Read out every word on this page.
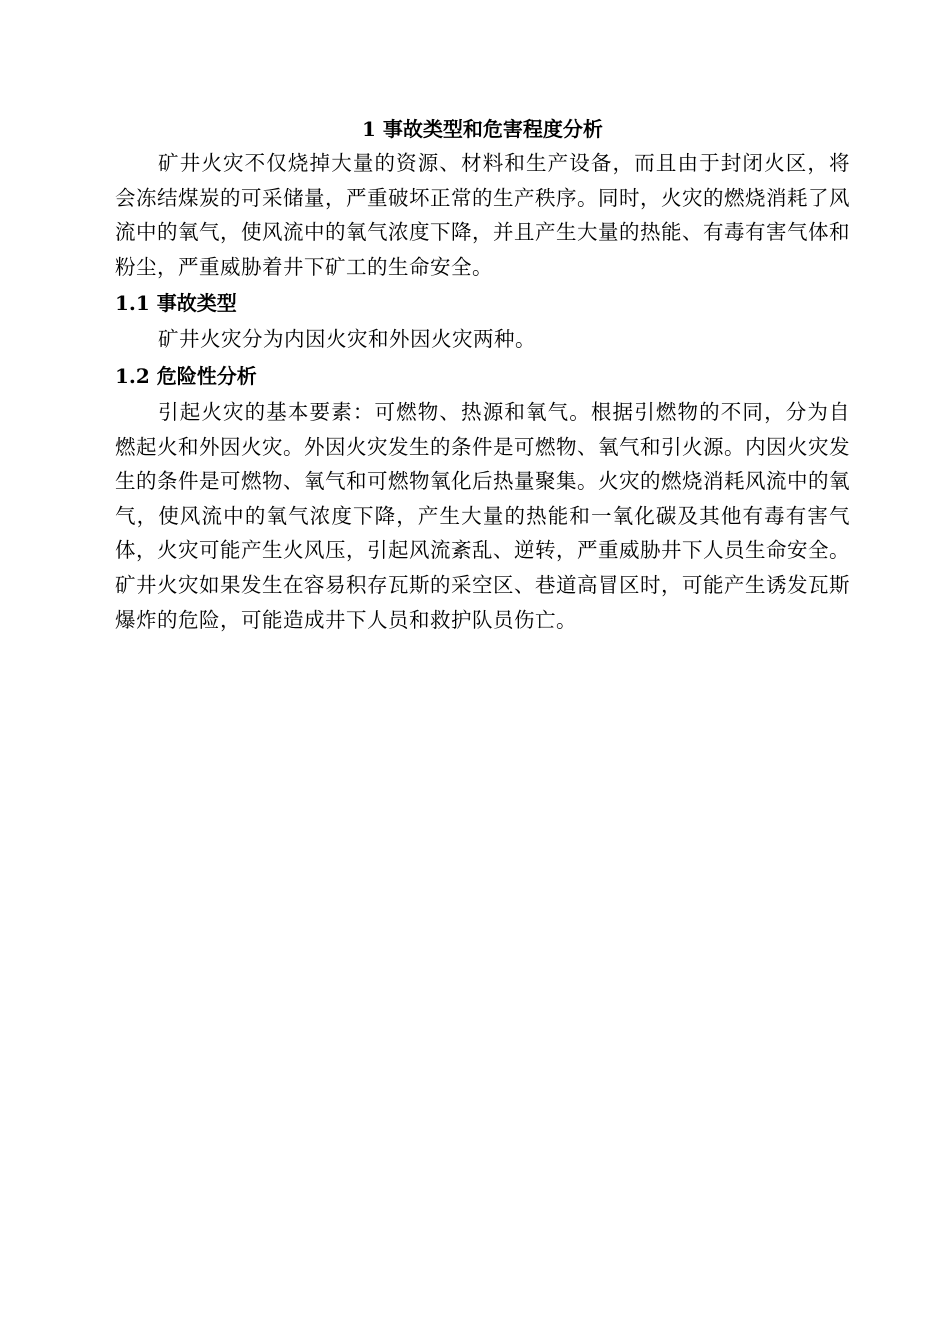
1 事故类型和危害程度分析

矿井火灾不仅烧掉大量的资源、材料和生产设备，而且由于封闭火区，将会冻结煤炭的可采储量，严重破坏正常的生产秩序。同时，火灾的燃烧消耗了风流中的氧气，使风流中的氧气浓度下降，并且产生大量的热能、有毒有害气体和粉尘，严重威胁着井下矿工的生命安全。

1.1 事故类型

矿井火灾分为内因火灾和外因火灾两种。

1.2 危险性分析

引起火灾的基本要素：可燃物、热源和氧气。根据引燃物的不同，分为自燃起火和外因火灾。外因火灾发生的条件是可燃物、氧气和引火源。内因火灾发生的条件是可燃物、氧气和可燃物氧化后热量聚集。火灾的燃烧消耗风流中的氧气，使风流中的氧气浓度下降，产生大量的热能和一氧化碳及其他有毒有害气体，火灾可能产生火风压，引起风流紊乱、逆转，严重威胁井下人员生命安全。矿井火灾如果发生在容易积存瓦斯的采空区、巷道高冒区时，可能产生诱发瓦斯爆炸的危险，可能造成井下人员和救护队员伤亡。
